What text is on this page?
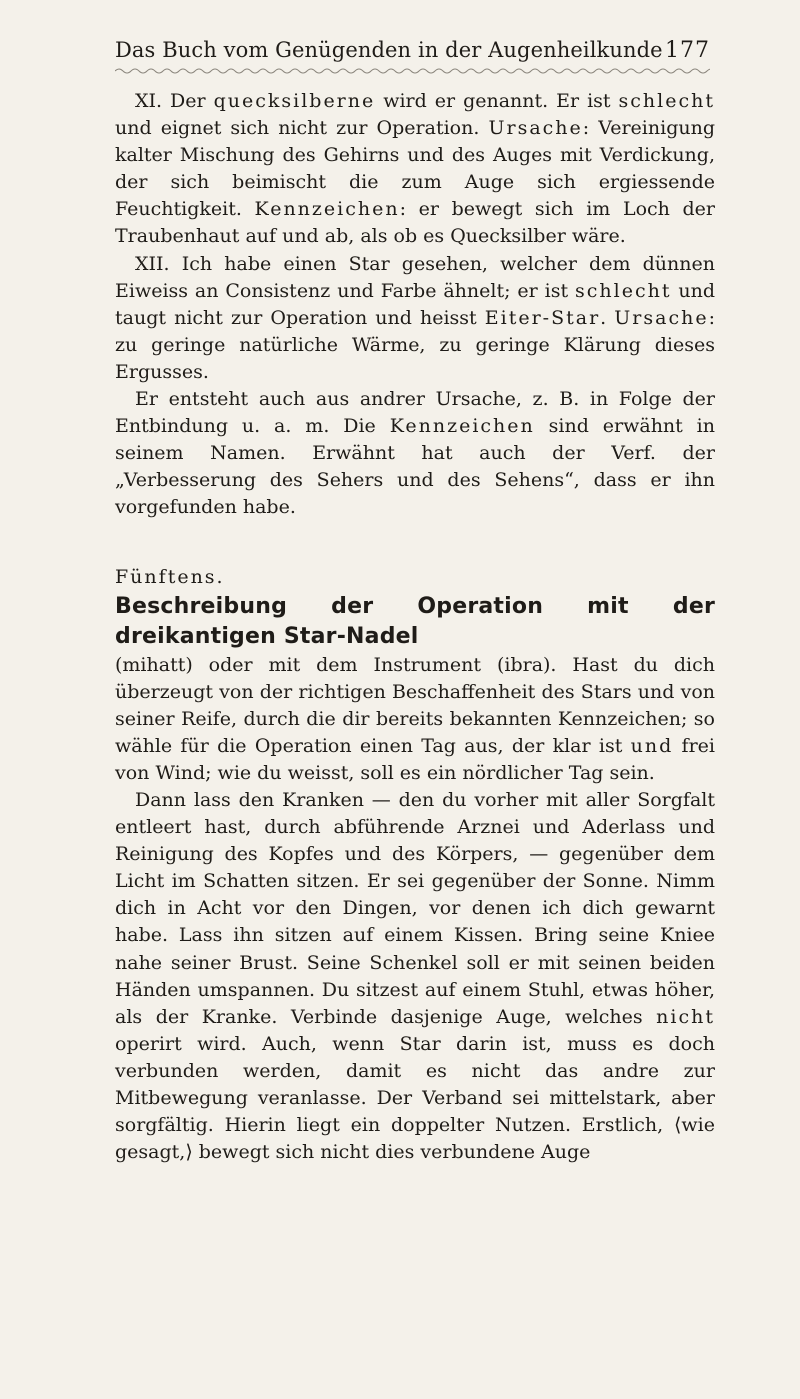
Das Buch vom Genügenden in der Augenheilkunde 177

XI. Der quecksilberne wird er genannt. Er ist schlecht und eignet sich nicht zur Operation. Ursache: Vereinigung kalter Mischung des Gehirns und des Auges mit Verdickung, der sich beimischt die zum Auge sich ergiessende Feuchtigkeit. Kennzeichen: er bewegt sich im Loch der Traubenhaut auf und ab, als ob es Quecksilber wäre.

XII. Ich habe einen Star gesehen, welcher dem dünnen Eiweiss an Consistenz und Farbe ähnelt; er ist schlecht und taugt nicht zur Operation und heisst Eiter-Star. Ursache: zu geringe natürliche Wärme, zu geringe Klärung dieses Ergusses.

Er entsteht auch aus andrer Ursache, z. B. in Folge der Entbindung u. a. m. Die Kennzeichen sind erwähnt in seinem Namen. Erwähnt hat auch der Verf. der „Verbesserung des Sehers und des Sehens“, dass er ihn vorgefunden habe.

Fünftens.

Beschreibung der Operation mit der dreikantigen Star-Nadel

(mihatt) oder mit dem Instrument (ibra). Hast du dich überzeugt von der richtigen Beschaffenheit des Stars und von seiner Reife, durch die dir bereits bekannten Kennzeichen; so wähle für die Operation einen Tag aus, der klar ist und frei von Wind; wie du weisst, soll es ein nördlicher Tag sein.

Dann lass den Kranken — den du vorher mit aller Sorgfalt entleert hast, durch abführende Arznei und Aderlass und Reinigung des Kopfes und des Körpers, — gegenüber dem Licht im Schatten sitzen. Er sei gegenüber der Sonne. Nimm dich in Acht vor den Dingen, vor denen ich dich gewarnt habe. Lass ihn sitzen auf einem Kissen. Bring seine Kniee nahe seiner Brust. Seine Schenkel soll er mit seinen beiden Händen umspannen. Du sitzest auf einem Stuhl, etwas höher, als der Kranke. Verbinde dasjenige Auge, welches nicht operirt wird. Auch, wenn Star darin ist, muss es doch verbunden werden, damit es nicht das andre zur Mitbewegung veranlasse. Der Verband sei mittelstark, aber sorgfältig. Hierin liegt ein doppelter Nutzen. Erstlich, ⟨wie gesagt,⟩ bewegt sich nicht dies verbundene Auge
